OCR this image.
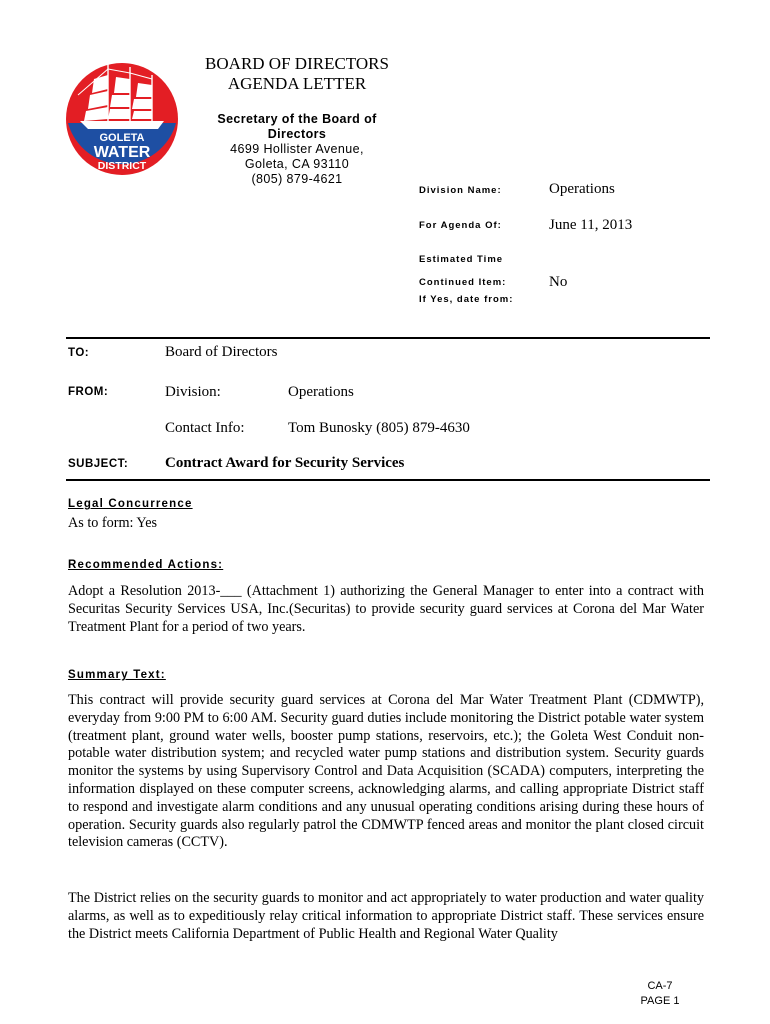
GOLETA
WATER
DISTRICT
BOARD OF DIRECTORS
AGENDA LETTER
Secretary of the Board of
Directors
4699 Hollister Avenue,
Goleta, CA 93110
(805) 879-4621
Division Name:	Operations
For Agenda Of:	June 11, 2013
Estimated Time
Continued Item:	No
If Yes, date from:
TO:	Board of Directors
FROM:	Division:	Operations
Contact Info:	Tom Bunosky (805) 879-4630
SUBJECT: Contract Award for Security Services
Legal Concurrence
As to form: Yes
Recommended Actions:
Adopt a Resolution 2013-___ (Attachment 1) authorizing the General Manager to enter into a contract with Securitas Security Services USA, Inc.(Securitas) to provide security guard services at Corona del Mar Water Treatment Plant for a period of two years.
Summary Text:
This contract will provide security guard services at Corona del Mar Water Treatment Plant (CDMWTP), everyday from 9:00 PM to 6:00 AM. Security guard duties include monitoring the District potable water system (treatment plant, ground water wells, booster pump stations, reservoirs, etc.); the Goleta West Conduit non-potable water distribution system; and recycled water pump stations and distribution system. Security guards monitor the systems by using Supervisory Control and Data Acquisition (SCADA) computers, interpreting the information displayed on these computer screens, acknowledging alarms, and calling appropriate District staff to respond and investigate alarm conditions and any unusual operating conditions arising during these hours of operation. Security guards also regularly patrol the CDMWTP fenced areas and monitor the plant closed circuit television cameras (CCTV).
The District relies on the security guards to monitor and act appropriately to water production and water quality alarms, as well as to expeditiously relay critical information to appropriate District staff. These services ensure the District meets California Department of Public Health and Regional Water Quality
CA-7
PAGE 1
